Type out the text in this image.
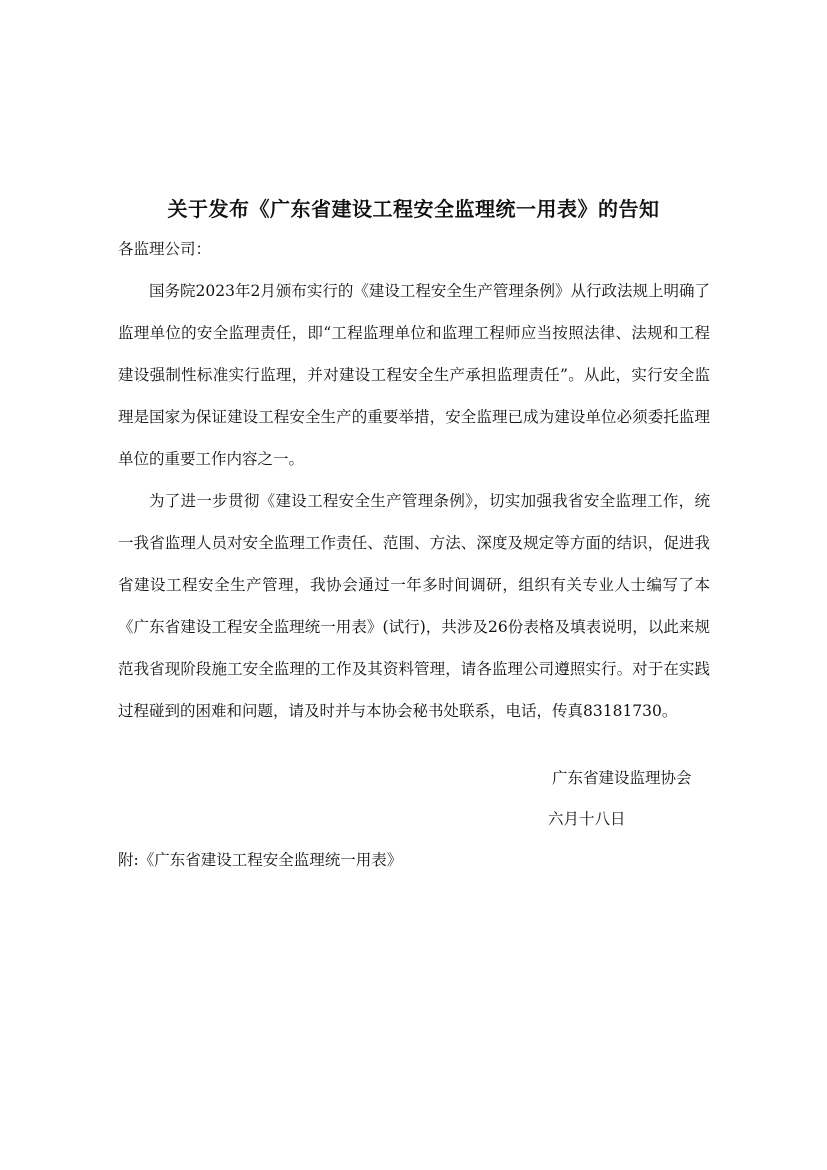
关于发布《广东省建设工程安全监理统一用表》的告知
各监理公司：

国务院2023年2月颁布实行的《建设工程安全生产管理条例》从行政法规上明确了监理单位的安全监理责任，即“工程监理单位和监理工程师应当按照法律、法规和工程建设强制性标准实行监理，并对建设工程安全生产承担监理责任”。从此，实行安全监理是国家为保证建设工程安全生产的重要举措，安全监理已成为建设单位必须委托监理单位的重要工作内容之一。

为了进一步贯彻《建设工程安全生产管理条例》，切实加强我省安全监理工作，统一我省监理人员对安全监理工作责任、范围、方法、深度及规定等方面的结识，促进我省建设工程安全生产管理，我协会通过一年多时间调研，组织有关专业人士编写了本《广东省建设工程安全监理统一用表》(试行)，共涉及26份表格及填表说明，以此来规范我省现阶段施工安全监理的工作及其资料管理，请各监理公司遵照实行。对于在实践过程碰到的困难和问题，请及时并与本协会秘书处联系，电话，传真83181730。

广东省建设监理协会
六月十八日
附:《广东省建设工程安全监理统一用表》
